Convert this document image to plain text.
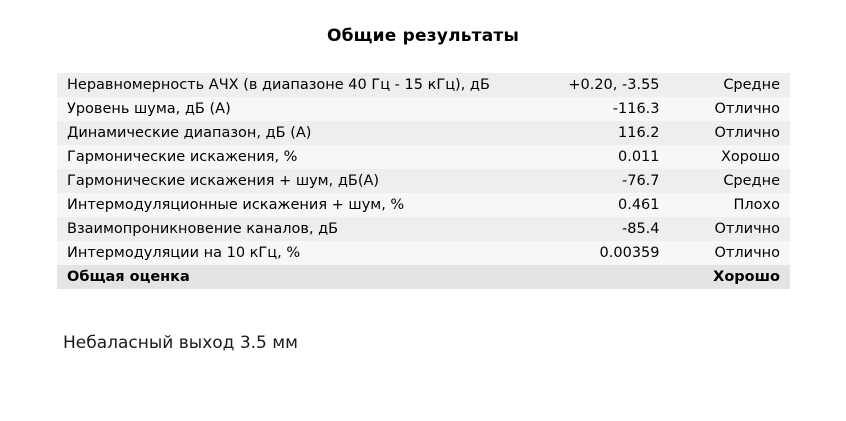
Общие результаты
Неравномерность АЧХ (в диапазоне 40 Гц - 15 кГц), дБ	+0.20, -3.55	Средне
Уровень шума, дБ (А)	-116.3	Отлично
Динамические диапазон, дБ (А)	116.2	Отлично
Гармонические искажения, %	0.011	Хорошо
Гармонические искажения + шум, дБ(А)	-76.7	Средне
Интермодуляционные искажения + шум, %	0.461	Плохо
Взаимопроникновение каналов, дБ	-85.4	Отлично
Интермодуляции на 10 кГц, %	0.00359	Отлично
Общая оценка		Хорошо
Небаласный выход 3.5 мм
